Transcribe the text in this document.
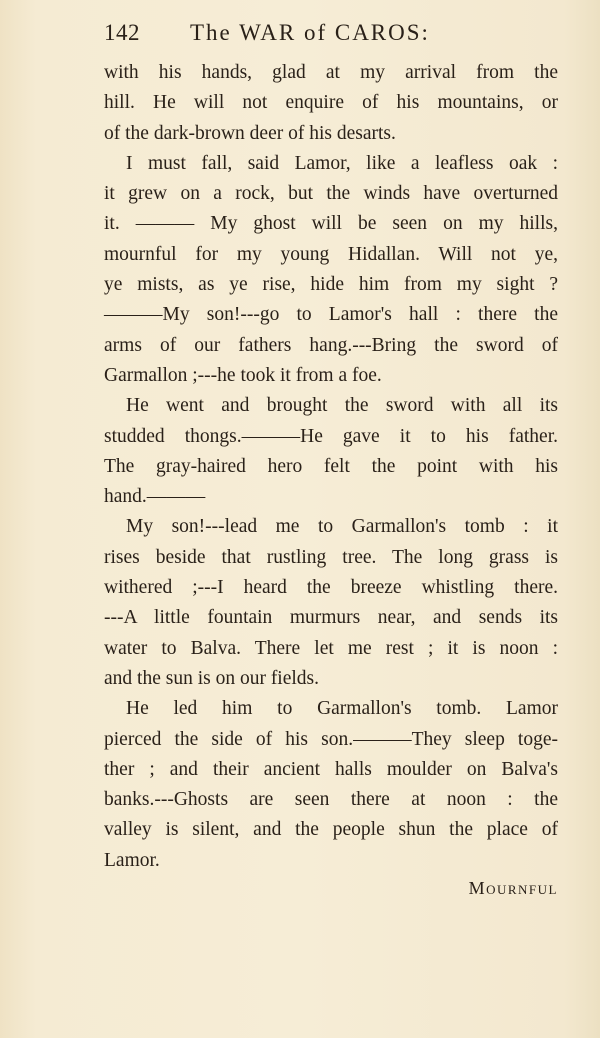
142 The WAR of CAROS:
with his hands, glad at my arrival from the
hill. He will not enquire of his mountains, or
of the dark-brown deer of his desarts.
I must fall, said Lamor, like a leafless oak :
it grew on a rock, but the winds have overturned
it. ——— My ghost will be seen on my hills,
mournful for my young Hidallan. Will not ye,
ye mists, as ye rise, hide him from my sight ?
———My son!---go to Lamor's hall : there the
arms of our fathers hang.---Bring the sword of
Garmallon ;---he took it from a foe.
He went and brought the sword with all its
studded thongs.———He gave it to his father.
The gray-haired hero felt the point with his
hand.———
My son!---lead me to Garmallon's tomb : it
rises beside that rustling tree. The long grass is
withered ;---I heard the breeze whistling there.
---A little fountain murmurs near, and sends its
water to Balva. There let me rest ; it is noon :
and the sun is on our fields.
He led him to Garmallon's tomb. Lamor
pierced the side of his son.———They sleep toge-
ther ; and their ancient halls moulder on Balva's
banks.---Ghosts are seen there at noon : the
valley is silent, and the people shun the place of
Lamor.
Mournful
